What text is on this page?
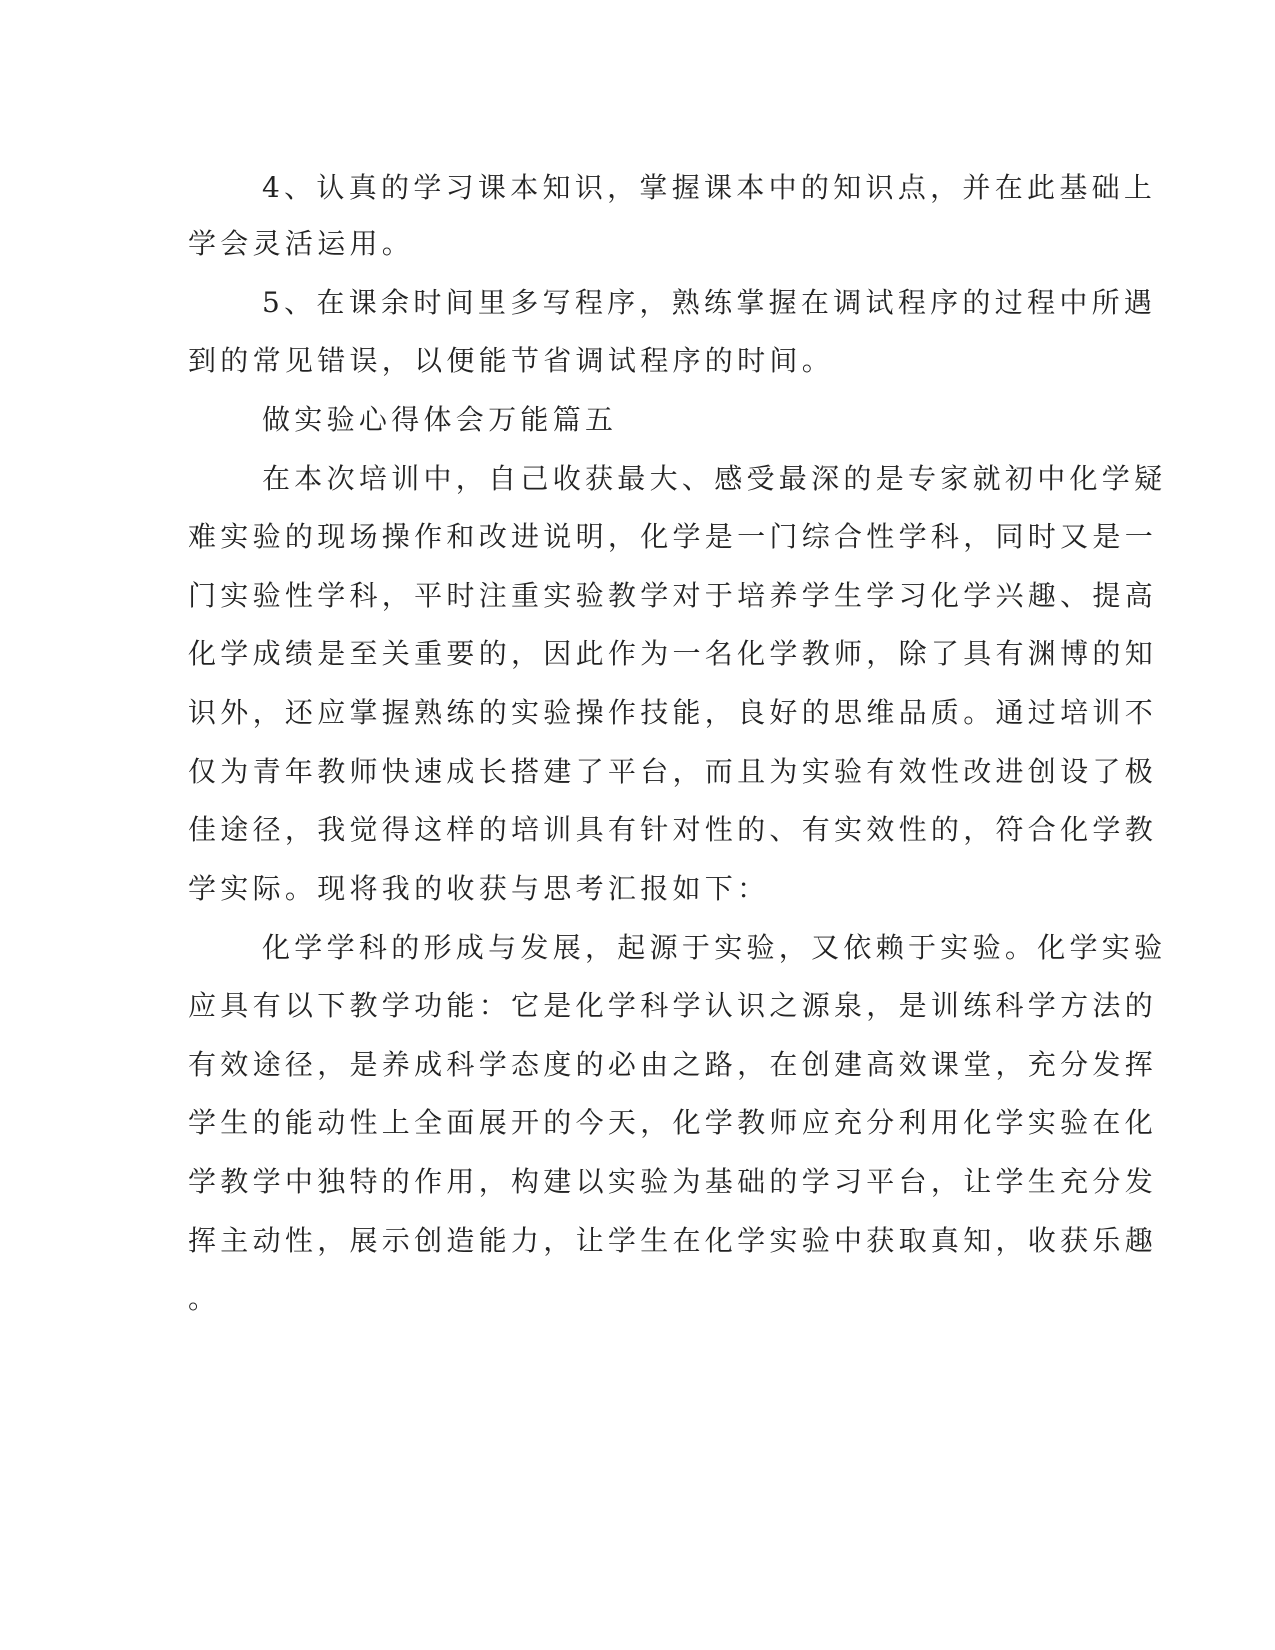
4、认真的学习课本知识，掌握课本中的知识点，并在此基础上
学会灵活运用。
5、在课余时间里多写程序，熟练掌握在调试程序的过程中所遇
到的常见错误，以便能节省调试程序的时间。
做实验心得体会万能篇五
在本次培训中，自己收获最大、感受最深的是专家就初中化学疑
难实验的现场操作和改进说明，化学是一门综合性学科，同时又是一
门实验性学科，平时注重实验教学对于培养学生学习化学兴趣、提高
化学成绩是至关重要的，因此作为一名化学教师，除了具有渊博的知
识外，还应掌握熟练的实验操作技能，良好的思维品质。通过培训不
仅为青年教师快速成长搭建了平台，而且为实验有效性改进创设了极
佳途径，我觉得这样的培训具有针对性的、有实效性的，符合化学教
学实际。现将我的收获与思考汇报如下：
化学学科的形成与发展，起源于实验，又依赖于实验。化学实验
应具有以下教学功能：它是化学科学认识之源泉，是训练科学方法的
有效途径，是养成科学态度的必由之路，在创建高效课堂，充分发挥
学生的能动性上全面展开的今天，化学教师应充分利用化学实验在化
学教学中独特的作用，构建以实验为基础的学习平台，让学生充分发
挥主动性，展示创造能力，让学生在化学实验中获取真知，收获乐趣
。
